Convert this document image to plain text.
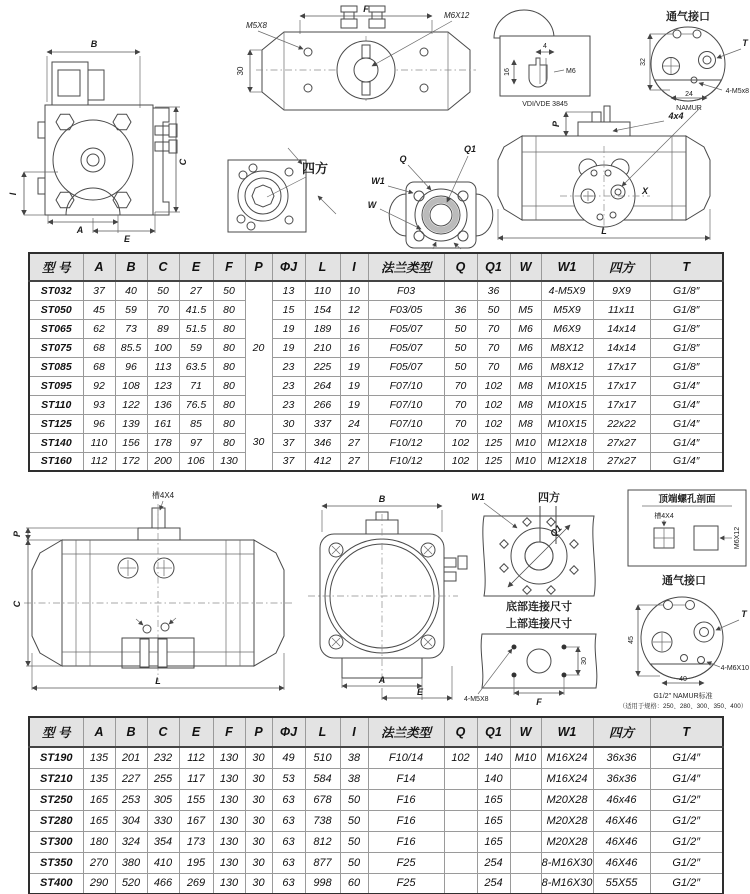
B
C
I
A
E
F
M5X8
M6X12
30
四方
Q
Q1
W1
W
4
M6
16
VDI/VDE 3845
通气接口
T
4-M5x8
32
24
NAMUR
P
4x4
X
L
型 号	A	B	C	E	F	P	ΦJ	L	I	法兰类型	Q	Q1	W	W1	四方	T
ST032	37	40	50	27	50	20	13	110	10	F03		36		4-M5X9	9X9	G1/8″
ST050	45	59	70	41.5	80		15	154	12	F03/05	36	50	M5	M5X9	11x11	G1/8″
ST065	62	73	89	51.5	80		19	189	16	F05/07	50	70	M6	M6X9	14x14	G1/8″
ST075	68	85.5	100	59	80		19	210	16	F05/07	50	70	M6	M8X12	14x14	G1/8″
ST085	68	96	113	63.5	80		23	225	19	F05/07	50	70	M6	M8X12	17x17	G1/8″
ST095	92	108	123	71	80		23	264	19	F07/10	70	102	M8	M10X15	17x17	G1/4″
ST110	93	122	136	76.5	80		23	266	19	F07/10	70	102	M8	M10X15	17x17	G1/4″
ST125	96	139	161	85	80	30	30	337	24	F07/10	70	102	M8	M10X15	22x22	G1/4″
ST140	110	156	178	97	80		37	346	27	F10/12	102	125	M10	M12X18	27x27	G1/4″
ST160	112	172	200	106	130		37	412	27	F10/12	102	125	M10	M12X18	27x27	G1/4″
槽4X4
P
C
L
B
A
E
W1	四方
Q1
底部连接尺寸
上部连接尺寸
30
F
4-M5X8
顶端螺孔剖面
槽4X4
M6X12
通气接口
T
4-M6X10
45
40
G1/2″ NAMUR标准
（适用于规格：250、280、300、350、400）
型 号	A	B	C	E	F	P	ΦJ	L	I	法兰类型	Q	Q1	W	W1	四方	T
ST190	135	201	232	112	130	30	49	510	38	F10/14	102	140	M10	M16X24	36x36	G1/4″
ST210	135	227	255	117	130	30	53	584	38	F14		140		M16X24	36x36	G1/4″
ST250	165	253	305	155	130	30	63	678	50	F16		165		M20X28	46x46	G1/2″
ST280	165	304	330	167	130	30	63	738	50	F16		165		M20X28	46X46	G1/2″
ST300	180	324	354	173	130	30	63	812	50	F16		165		M20X28	46X46	G1/2″
ST350	270	380	410	195	130	30	63	877	50	F25		254		8-M16X30	46X46	G1/2″
ST400	290	520	466	269	130	30	63	998	60	F25		254		8-M16X30	55X55	G1/2″
